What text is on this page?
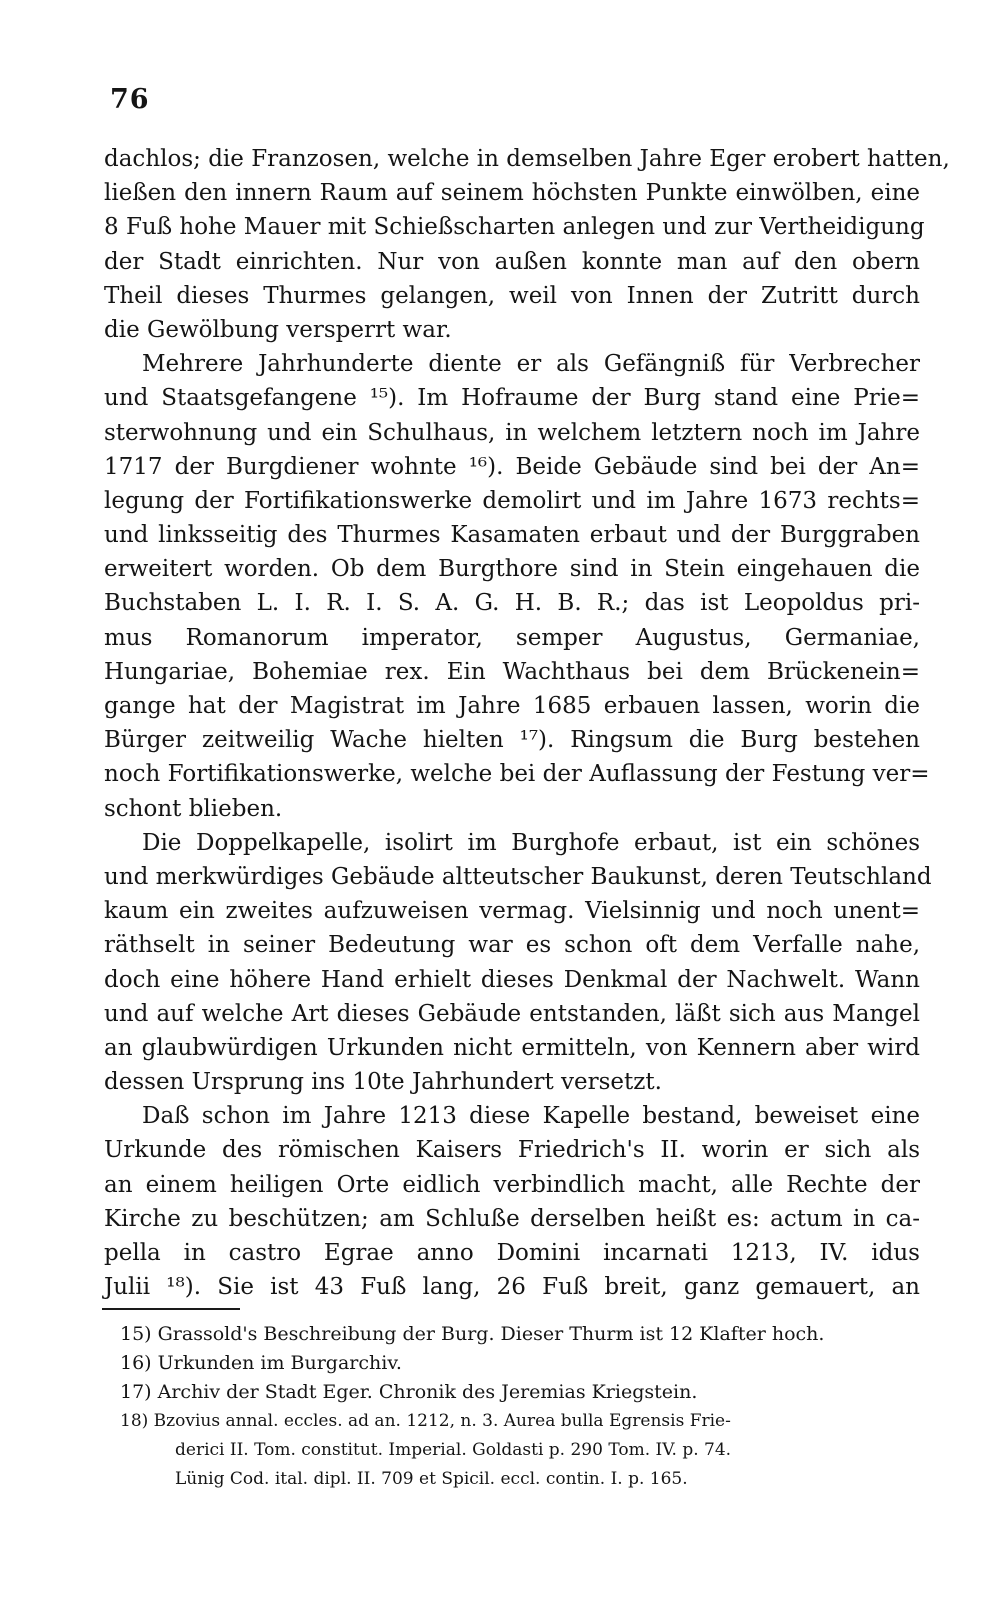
76
dachlos; die Franzosen, welche in demselben Jahre Eger erobert hatten,
ließen den innern Raum auf seinem höchsten Punkte einwölben, eine
8 Fuß hohe Mauer mit Schießscharten anlegen und zur Vertheidigung
der Stadt einrichten. Nur von außen konnte man auf den obern
Theil dieses Thurmes gelangen, weil von Innen der Zutritt durch
die Gewölbung versperrt war.
Mehrere Jahrhunderte diente er als Gefängniß für Verbrecher
und Staatsgefangene ¹⁵). Im Hofraume der Burg stand eine Prie=
sterwohnung und ein Schulhaus, in welchem letztern noch im Jahre
1717 der Burgdiener wohnte ¹⁶). Beide Gebäude sind bei der An=
legung der Fortifikationswerke demolirt und im Jahre 1673 rechts=
und linksseitig des Thurmes Kasamaten erbaut und der Burggraben
erweitert worden. Ob dem Burgthore sind in Stein eingehauen die
Buchstaben L. I. R. I. S. A. G. H. B. R.; das ist Leopoldus pri-
mus Romanorum imperator, semper Augustus, Germaniae,
Hungariae, Bohemiae rex. Ein Wachthaus bei dem Brückenein=
gange hat der Magistrat im Jahre 1685 erbauen lassen, worin die
Bürger zeitweilig Wache hielten ¹⁷). Ringsum die Burg bestehen
noch Fortifikationswerke, welche bei der Auflassung der Festung ver=
schont blieben.
Die Doppelkapelle, isolirt im Burghofe erbaut, ist ein schönes
und merkwürdiges Gebäude altteutscher Baukunst, deren Teutschland
kaum ein zweites aufzuweisen vermag. Vielsinnig und noch unent=
räthselt in seiner Bedeutung war es schon oft dem Verfalle nahe,
doch eine höhere Hand erhielt dieses Denkmal der Nachwelt. Wann
und auf welche Art dieses Gebäude entstanden, läßt sich aus Mangel
an glaubwürdigen Urkunden nicht ermitteln, von Kennern aber wird
dessen Ursprung ins 10te Jahrhundert versetzt.
Daß schon im Jahre 1213 diese Kapelle bestand, beweiset eine
Urkunde des römischen Kaisers Friedrich's II. worin er sich als
an einem heiligen Orte eidlich verbindlich macht, alle Rechte der
Kirche zu beschützen; am Schluße derselben heißt es: actum in ca-
pella in castro Egrae anno Domini incarnati 1213, IV. idus
Julii ¹⁸). Sie ist 43 Fuß lang, 26 Fuß breit, ganz gemauert, an
15) Grassold's Beschreibung der Burg. Dieser Thurm ist 12 Klafter hoch.
16) Urkunden im Burgarchiv.
17) Archiv der Stadt Eger. Chronik des Jeremias Kriegstein.
18) Bzovius annal. eccles. ad an. 1212, n. 3. Aurea bulla Egrensis Frie-
derici II. Tom. constitut. Imperial. Goldasti p. 290 Tom. IV. p. 74.
Lünig Cod. ital. dipl. II. 709 et Spicil. eccl. contin. I. p. 165.
